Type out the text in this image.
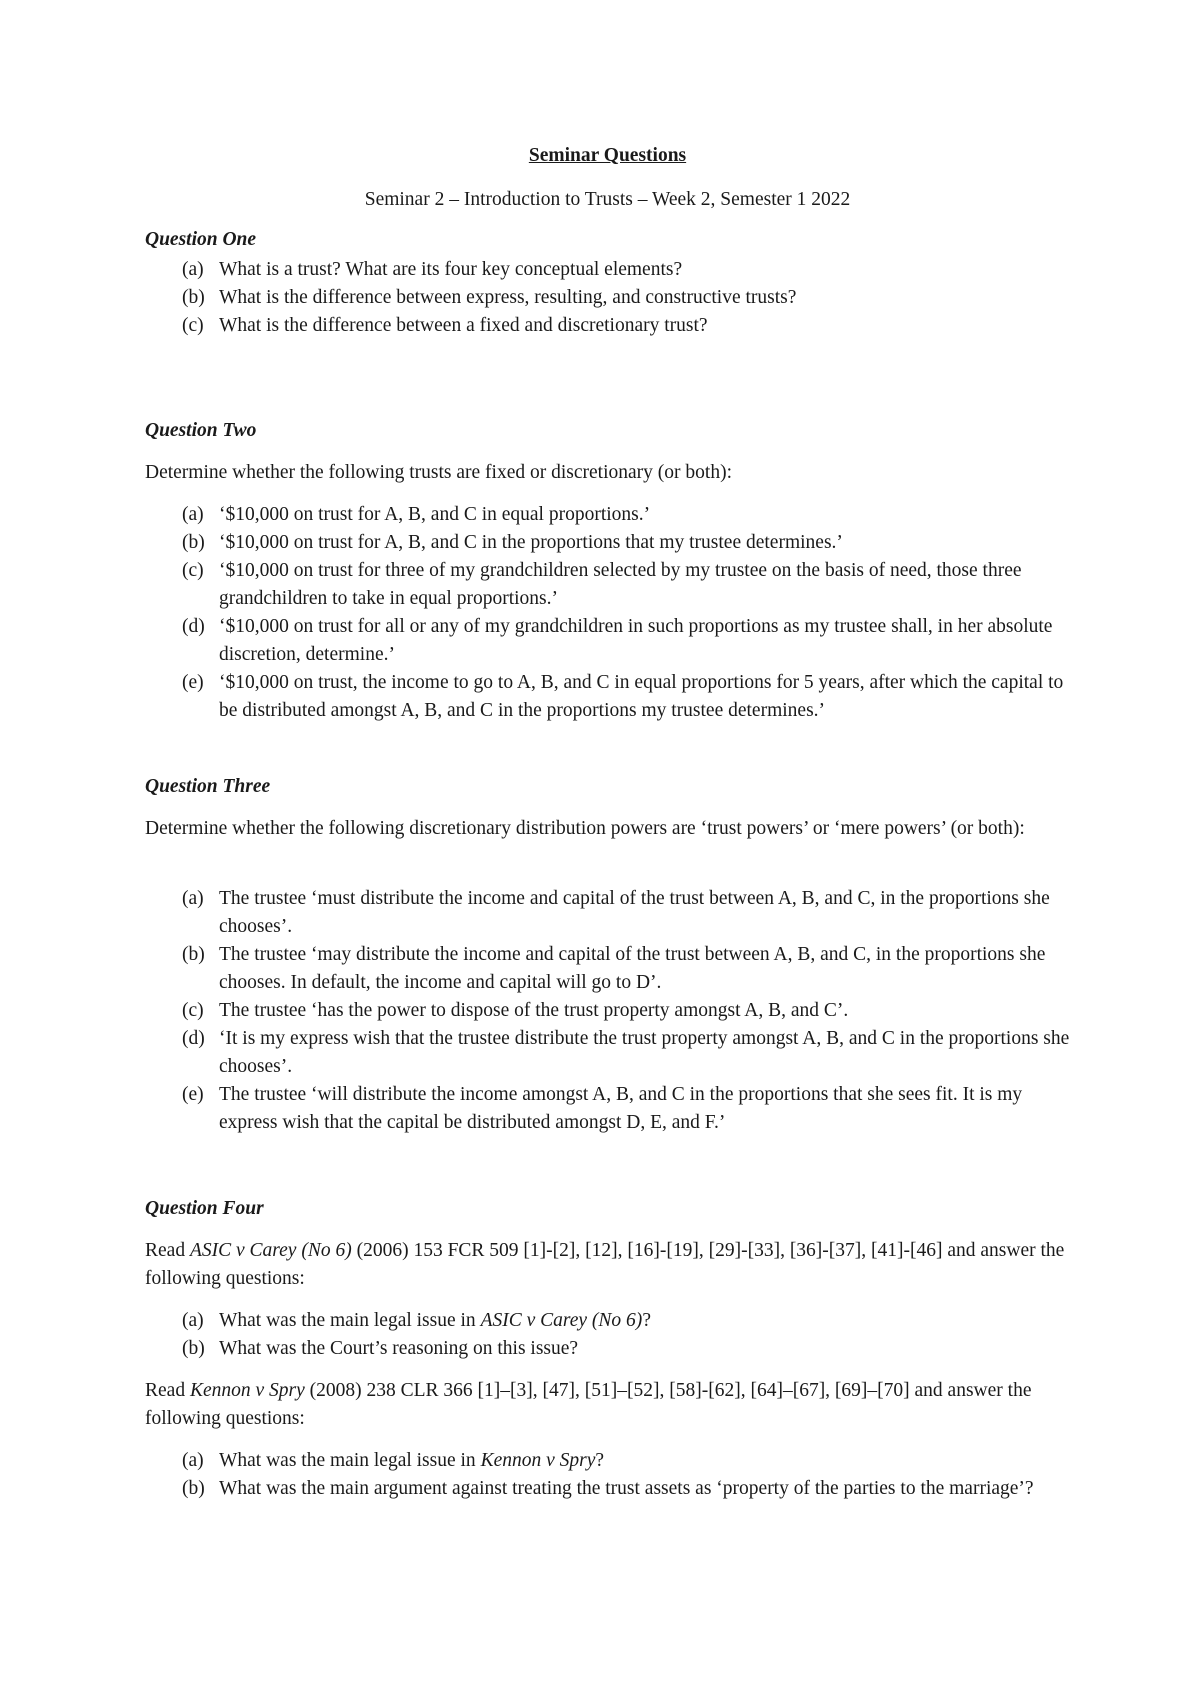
Seminar Questions
Seminar 2 – Introduction to Trusts – Week 2, Semester 1 2022
Question One
(a) What is a trust? What are its four key conceptual elements?
(b) What is the difference between express, resulting, and constructive trusts?
(c) What is the difference between a fixed and discretionary trust?
Question Two
Determine whether the following trusts are fixed or discretionary (or both):
(a) ‘$10,000 on trust for A, B, and C in equal proportions.’
(b) ‘$10,000 on trust for A, B, and C in the proportions that my trustee determines.’
(c) ‘$10,000 on trust for three of my grandchildren selected by my trustee on the basis of need, those three grandchildren to take in equal proportions.’
(d) ‘$10,000 on trust for all or any of my grandchildren in such proportions as my trustee shall, in her absolute discretion, determine.’
(e) ‘$10,000 on trust, the income to go to A, B, and C in equal proportions for 5 years, after which the capital to be distributed amongst A, B, and C in the proportions my trustee determines.’
Question Three
Determine whether the following discretionary distribution powers are ‘trust powers’ or ‘mere powers’ (or both):
(a) The trustee ‘must distribute the income and capital of the trust between A, B, and C, in the proportions she chooses’.
(b) The trustee ‘may distribute the income and capital of the trust between A, B, and C, in the proportions she chooses. In default, the income and capital will go to D’.
(c) The trustee ‘has the power to dispose of the trust property amongst A, B, and C’.
(d) ‘It is my express wish that the trustee distribute the trust property amongst A, B, and C in the proportions she chooses’.
(e) The trustee ‘will distribute the income amongst A, B, and C in the proportions that she sees fit. It is my express wish that the capital be distributed amongst D, E, and F.’
Question Four
Read ASIC v Carey (No 6) (2006) 153 FCR 509 [1]-[2], [12], [16]-[19], [29]-[33], [36]-[37], [41]-[46] and answer the following questions:
(a) What was the main legal issue in ASIC v Carey (No 6)?
(b) What was the Court’s reasoning on this issue?
Read Kennon v Spry (2008) 238 CLR 366 [1]–[3], [47], [51]–[52], [58]-[62], [64]–[67], [69]–[70] and answer the following questions:
(a) What was the main legal issue in Kennon v Spry?
(b) What was the main argument against treating the trust assets as ‘property of the parties to the marriage’?
